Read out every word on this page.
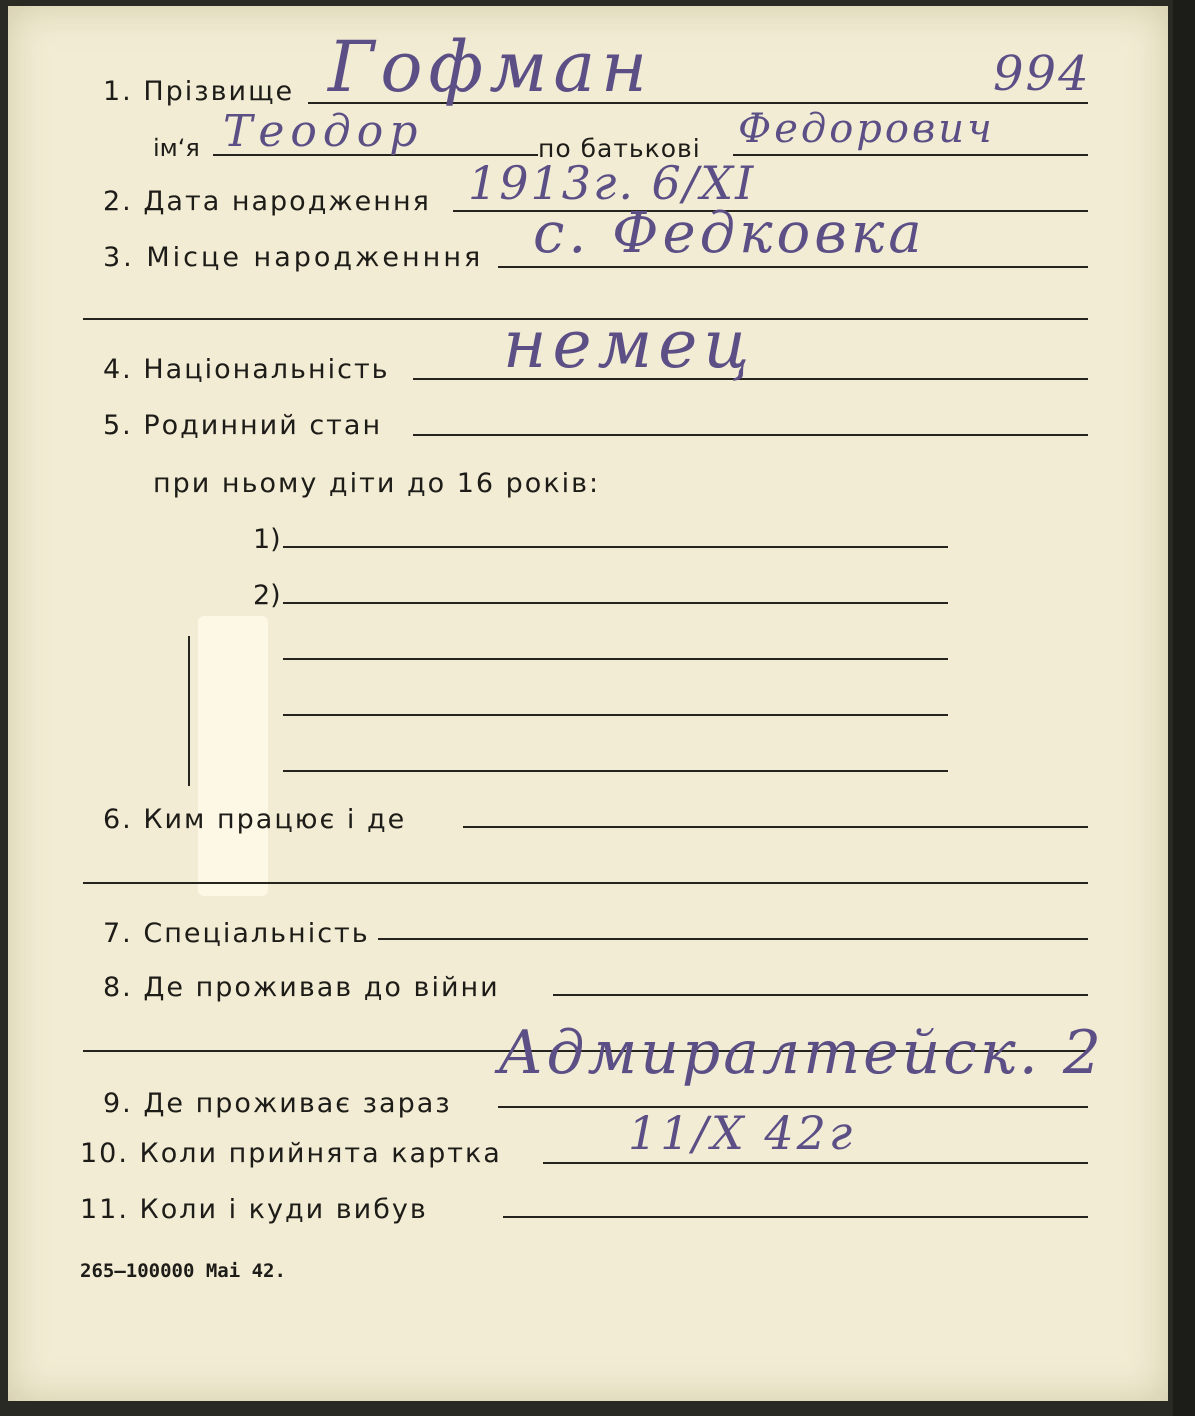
1. Прізвище Гофман	994
ім‘я Теодор	по батькові Федорович
2. Дата народження 1913г. 6/XI
3. Місце народженння с. Федковка
4. Національність немец
5. Родинний стан
при ньому діти до 16 років:
1)
2)
6. Ким працює і де
7. Спеціальність
8. Де проживав до війни
9. Де проживає зараз
Адмиралтейск. 2
10. Коли прийнята картка	11/X 42г
11. Коли і куди вибув
265–100000 Mai 42.
